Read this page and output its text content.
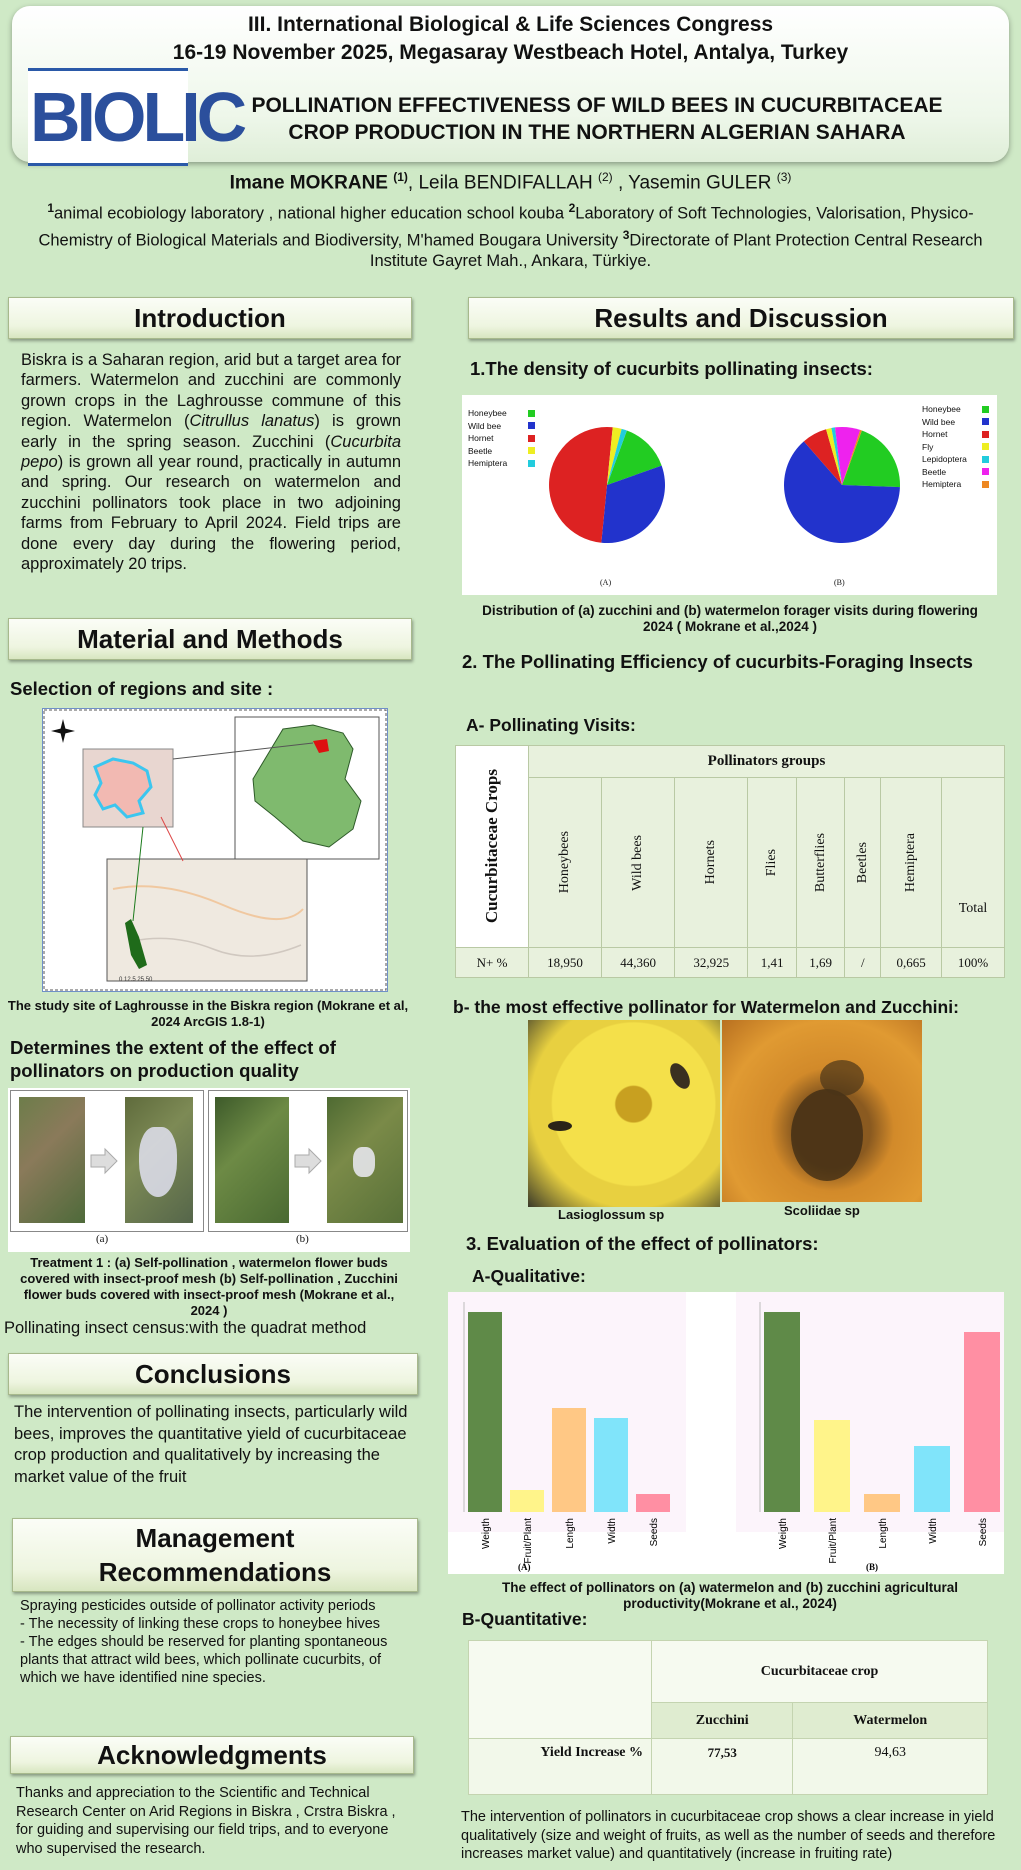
III. International Biological & Life Sciences Congress
16-19 November 2025, Megasaray Westbeach Hotel, Antalya, Turkey
POLLINATION EFFECTIVENESS OF WILD BEES IN CUCURBITACEAE
CROP PRODUCTION IN THE NORTHERN ALGERIAN SAHARA
BIOLIC
Imane MOKRANE $^{(1)}$, Leila BENDIFALLAH $^{(2)}$ , Yasemin GULER $^{(3)}$
$^1$animal ecobiology laboratory , national higher education school kouba $^2$Laboratory of Soft Technologies, Valorisation, Physico-Chemistry of Biological Materials and Biodiversity, M'hamed Bougara University $^3$Directorate of Plant Protection Central Research Institute Gayret Mah., Ankara, Türkiye.
Introduction
Biskra is a Saharan region, arid but a target area for farmers. Watermelon and zucchini are commonly grown crops in the Laghrousse commune of this region. Watermelon (Citrullus lanatus) is grown early in the spring season. Zucchini (Cucurbita pepo) is grown all year round, practically in autumn and spring. Our research on watermelon and zucchini pollinators took place in two adjoining farms from February to April 2024. Field trips are done every day during the flowering period, approximately 20 trips.
Material and Methods
Selection of regions and site :
0 12.5 25 50
The study site of Laghrousse in the Biskra region (Mokrane et al, 2024 ArcGIS 1.8-1)
Determines the extent of the effect of pollinators on production quality
(a)	(b)
Treatment 1 : (a) Self-pollination , watermelon flower buds covered with insect-proof mesh (b) Self-pollination , Zucchini flower buds covered with insect-proof mesh (Mokrane et al., 2024 )
Pollinating insect census:with the quadrat method
Conclusions
The intervention of pollinating insects, particularly wild bees, improves the quantitative yield of cucurbitaceae crop production and qualitatively by increasing the market value of the fruit
Management
Recommendations
Spraying pesticides outside of pollinator activity periods
- The necessity of linking these crops to honeybee hives
- The edges should be reserved for planting spontaneous plants that attract wild bees, which pollinate cucurbits, of which we have identified nine species.
Acknowledgments
Thanks and appreciation to the Scientific and Technical Research Center on Arid Regions in Biskra , Crstra Biskra , for guiding and supervising our field trips, and to everyone who supervised the research.
Results and Discussion
1.The density of cucurbits pollinating insects:
Honeybee
Wild bee
Hornet
Beetle
Hemiptera
(A)
Honeybee
Wild bee
Hornet
Fly
Lepidoptera
Beetle
Hemiptera
(B)
Distribution of (a) zucchini and (b) watermelon forager visits during flowering 2024 ( Mokrane et al.,2024 )
2. The Pollinating Efficiency of cucurbits-Foraging Insects
A- Pollinating Visits:
Cucurbitaceae Crops	Pollinators groups							

	Honeybees	Wild bees	Hornets	Flies	Butterflies	Beetles	Hemiptera	Total
N+ %	18,950	44,360	32,925	1,41	1,69	/	0,665	100%
b- the most effective pollinator for Watermelon and Zucchini:
Lasioglossum sp	Scoliidae sp
3. Evaluation of the effect of pollinators:
A-Qualitative:
Weigth	Fruit/Plant	Length	Width	Seeds
(A)
Weigth	Fruit/Plant	Length	Width	Seeds
(B)
The effect of pollinators on (a) watermelon and (b) zucchini agricultural productivity(Mokrane et al., 2024)
B-Quantitative:
	Cucurbitaceae crop	
	Zucchini	Watermelon
Yield Increase %	77,53	94,63
The intervention of pollinators in cucurbitaceae crop shows a clear increase in yield qualitatively (size and weight of fruits, as well as the number of seeds and therefore increases market value) and quantitatively (increase in fruiting rate)
